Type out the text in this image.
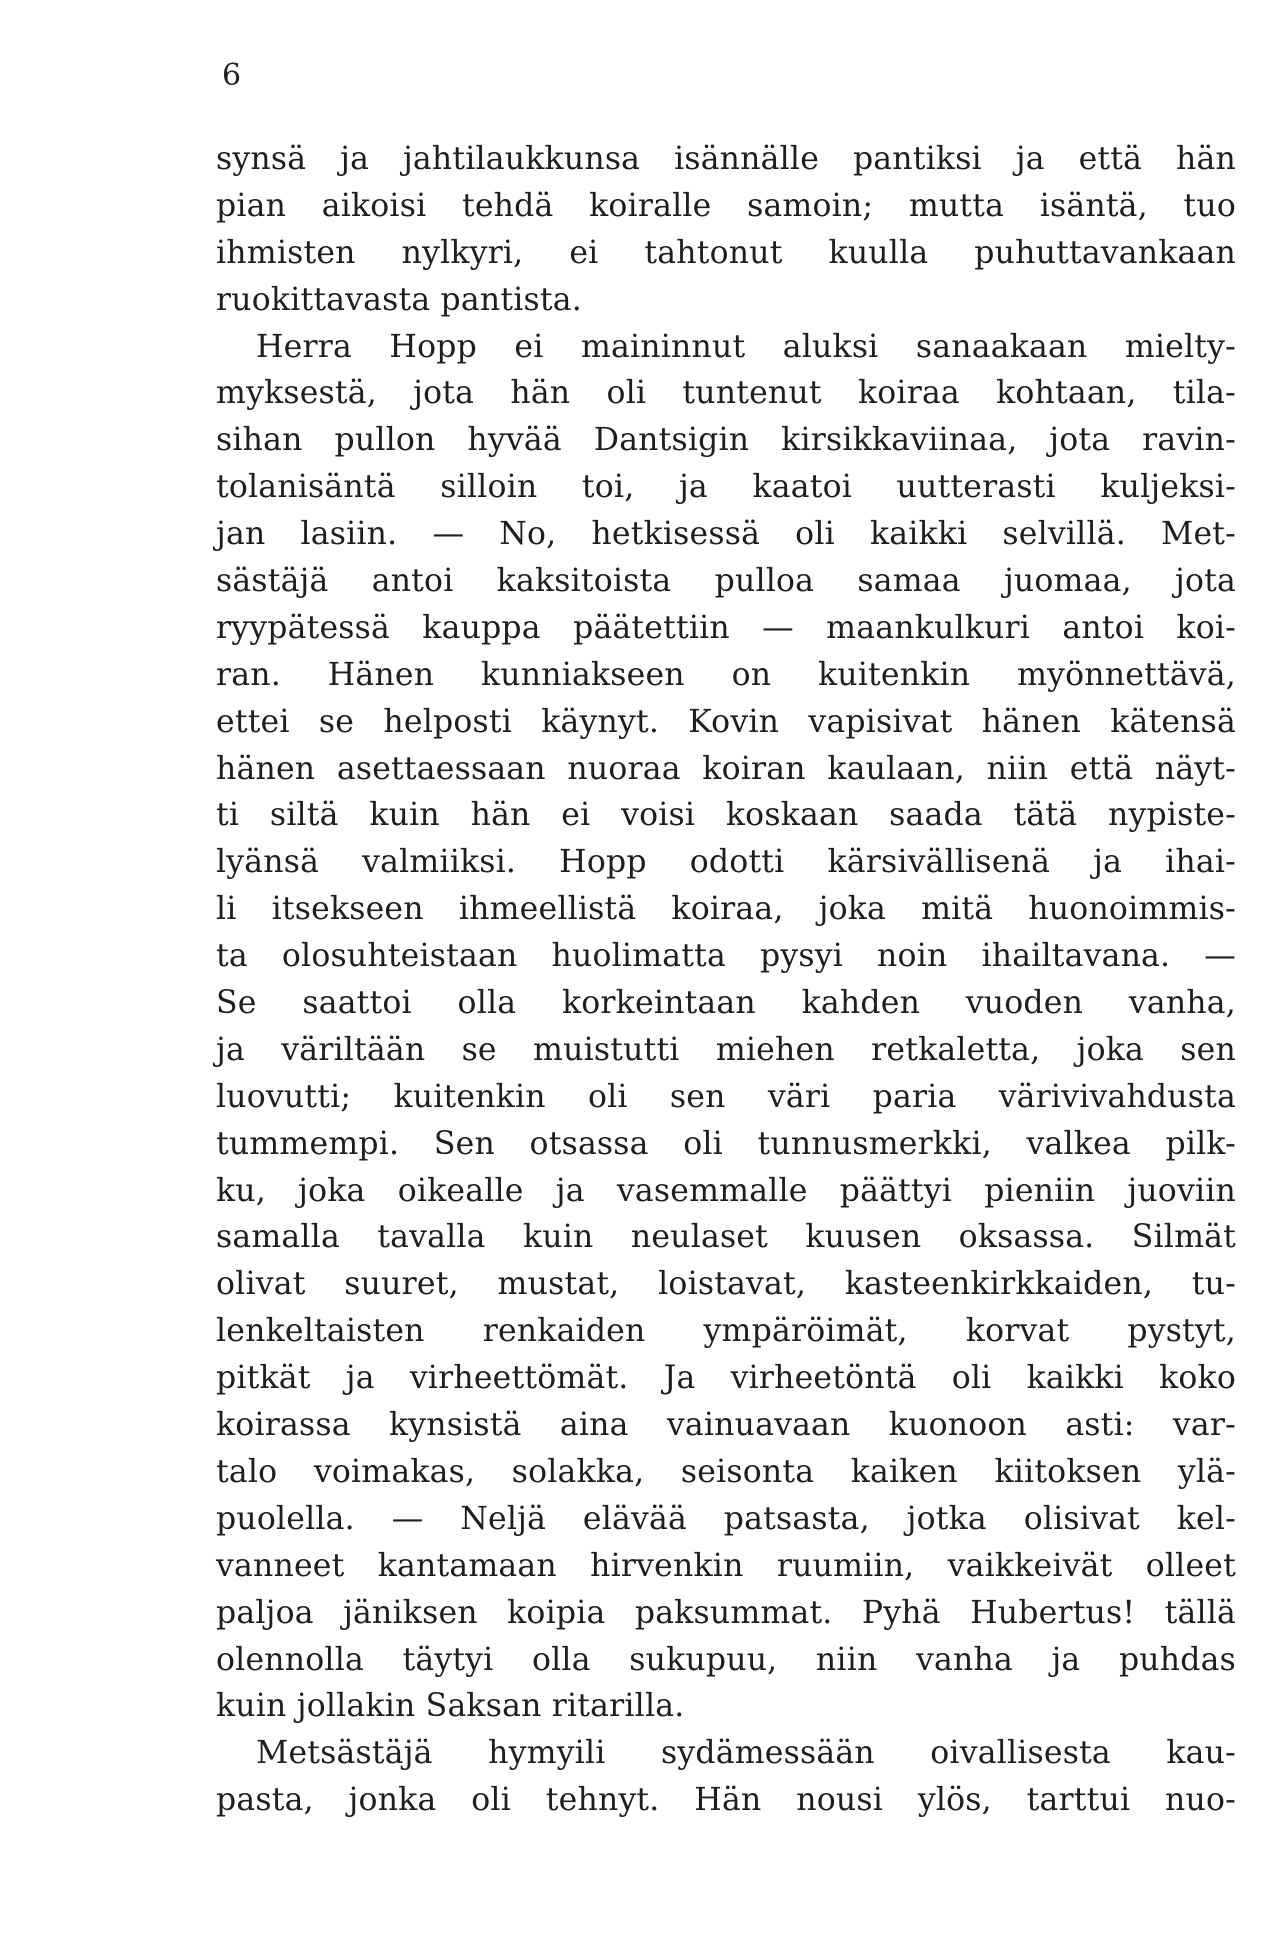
6

synsä ja jahtilaukkunsa isännälle pantiksi ja että hän
pian aikoisi tehdä koiralle samoin; mutta isäntä, tuo
ihmisten nylkyri, ei tahtonut kuulla puhuttavankaan
ruokittavasta pantista.
Herra Hopp ei maininnut aluksi sanaakaan mielty-
myksestä, jota hän oli tuntenut koiraa kohtaan, tila-
sihan pullon hyvää Dantsigin kirsikkaviinaa, jota ravin-
tolanisäntä silloin toi, ja kaatoi uutterasti kuljeksi-
jan lasiin. — No, hetkisessä oli kaikki selvillä. Met-
sästäjä antoi kaksitoista pulloa samaa juomaa, jota
ryypätessä kauppa päätettiin — maankulkuri antoi koi-
ran. Hänen kunniakseen on kuitenkin myönnettävä,
ettei se helposti käynyt. Kovin vapisivat hänen kätensä
hänen asettaessaan nuoraa koiran kaulaan, niin että näyt-
ti siltä kuin hän ei voisi koskaan saada tätä nypiste-
lyänsä valmiiksi. Hopp odotti kärsivällisenä ja ihai-
li itsekseen ihmeellistä koiraa, joka mitä huonoimmis-
ta olosuhteistaan huolimatta pysyi noin ihailtavana. —
Se saattoi olla korkeintaan kahden vuoden vanha,
ja väriltään se muistutti miehen retkaletta, joka sen
luovutti; kuitenkin oli sen väri paria värivivahdusta
tummempi. Sen otsassa oli tunnusmerkki, valkea pilk-
ku, joka oikealle ja vasemmalle päättyi pieniin juoviin
samalla tavalla kuin neulaset kuusen oksassa. Silmät
olivat suuret, mustat, loistavat, kasteenkirkkaiden, tu-
lenkeltaisten renkaiden ympäröimät, korvat pystyt,
pitkät ja virheettömät. Ja virheetöntä oli kaikki koko
koirassa kynsistä aina vainuavaan kuonoon asti: var-
talo voimakas, solakka, seisonta kaiken kiitoksen ylä-
puolella. — Neljä elävää patsasta, jotka olisivat kel-
vanneet kantamaan hirvenkin ruumiin, vaikkeivät olleet
paljoa jäniksen koipia paksummat. Pyhä Hubertus! tällä
olennolla täytyi olla sukupuu, niin vanha ja puhdas
kuin jollakin Saksan ritarilla.
Metsästäjä hymyili sydämessään oivallisesta kau-
pasta, jonka oli tehnyt. Hän nousi ylös, tarttui nuo-
